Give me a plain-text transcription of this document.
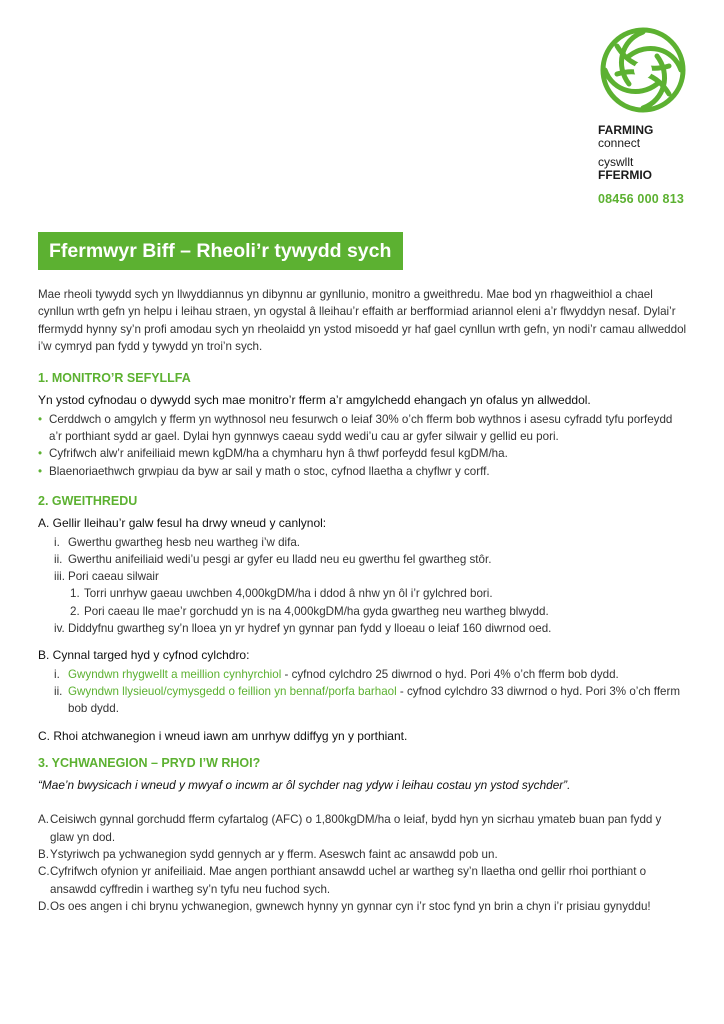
FARMING
connect
cyswllt
FFERMIO
08456 000 813
Ffermwyr Biff – Rheoli’r tywydd sych

Mae rheoli tywydd sych yn llwyddiannus yn dibynnu ar gynllunio, monitro a gweithredu. Mae bod yn rhagweithiol a chael cynllun wrth gefn yn helpu i leihau straen, yn ogystal â lleihau’r effaith ar berfformiad ariannol eleni a’r flwyddyn nesaf. Dylai’r ffermydd hynny sy’n profi amodau sych yn rheolaidd yn ystod misoedd yr haf gael cynllun wrth gefn, yn nodi’r camau allweddol i’w cymryd pan fydd y tywydd yn troi’n sych.

1. MONITRO’R SEFYLLFA

Yn ystod cyfnodau o dywydd sych mae monitro’r fferm a’r amgylchedd ehangach yn ofalus yn allweddol.

• Cerddwch o amgylch y fferm yn wythnosol neu fesurwch o leiaf 30% o’ch fferm bob wythnos i asesu cyfradd tyfu porfeydd a’r porthiant sydd ar gael. Dylai hyn gynnwys caeau sydd wedi’u cau ar gyfer silwair y gellid eu pori.
• Cyfrifwch alw’r anifeiliaid mewn kgDM/ha a chymharu hyn â thwf porfeydd fesul kgDM/ha.
• Blaenoriaethwch grwpiau da byw ar sail y math o stoc, cyfnod llaetha a chyflwr y corff.
2. GWEITHREDU

A. Gellir lleihau’r galw fesul ha drwy wneud y canlynol:

i. Gwerthu gwartheg hesb neu wartheg i’w difa.
ii. Gwerthu anifeiliaid wedi’u pesgi ar gyfer eu lladd neu eu gwerthu fel gwartheg stôr.
iii. Pori caeau silwair
1. Torri unrhyw gaeau uwchben 4,000kgDM/ha i ddod â nhw yn ôl i’r gylchred bori.
2. Pori caeau lle mae’r gorchudd yn is na 4,000kgDM/ha gyda gwartheg neu wartheg blwydd.
iv. Diddyfnu gwartheg sy’n lloea yn yr hydref yn gynnar pan fydd y lloeau o leiaf 160 diwrnod oed.

B. Cynnal targed hyd y cyfnod cylchdro:

i. Gwyndwn rhygwellt a meillion cynhyrchiol - cyfnod cylchdro 25 diwrnod o hyd. Pori 4% o’ch fferm bob dydd.
ii. Gwyndwn llysieuol/cymysgedd o feillion yn bennaf/porfa barhaol - cyfnod cylchdro 33 diwrnod o hyd. Pori 3% o’ch fferm bob dydd.

C. Rhoi atchwanegion i wneud iawn am unrhyw ddiffyg yn y porthiant.

3. YCHWANEGION – PRYD I’W RHOI?

“Mae’n bwysicach i wneud y mwyaf o incwm ar ôl sychder nag ydyw i leihau costau yn ystod sychder”.

A. Ceisiwch gynnal gorchudd fferm cyfartalog (AFC) o 1,800kgDM/ha o leiaf, bydd hyn yn sicrhau ymateb buan pan fydd y glaw yn dod.
B. Ystyriwch pa ychwanegion sydd gennych ar y fferm. Aseswch faint ac ansawdd pob un.
C. Cyfrifwch ofynion yr anifeiliaid. Mae angen porthiant ansawdd uchel ar wartheg sy’n llaetha ond gellir rhoi porthiant o ansawdd cyffredin i wartheg sy’n tyfu neu fuchod sych.
D. Os oes angen i chi brynu ychwanegion, gwnewch hynny yn gynnar cyn i’r stoc fynd yn brin a chyn i’r prisiau gynyddu!
